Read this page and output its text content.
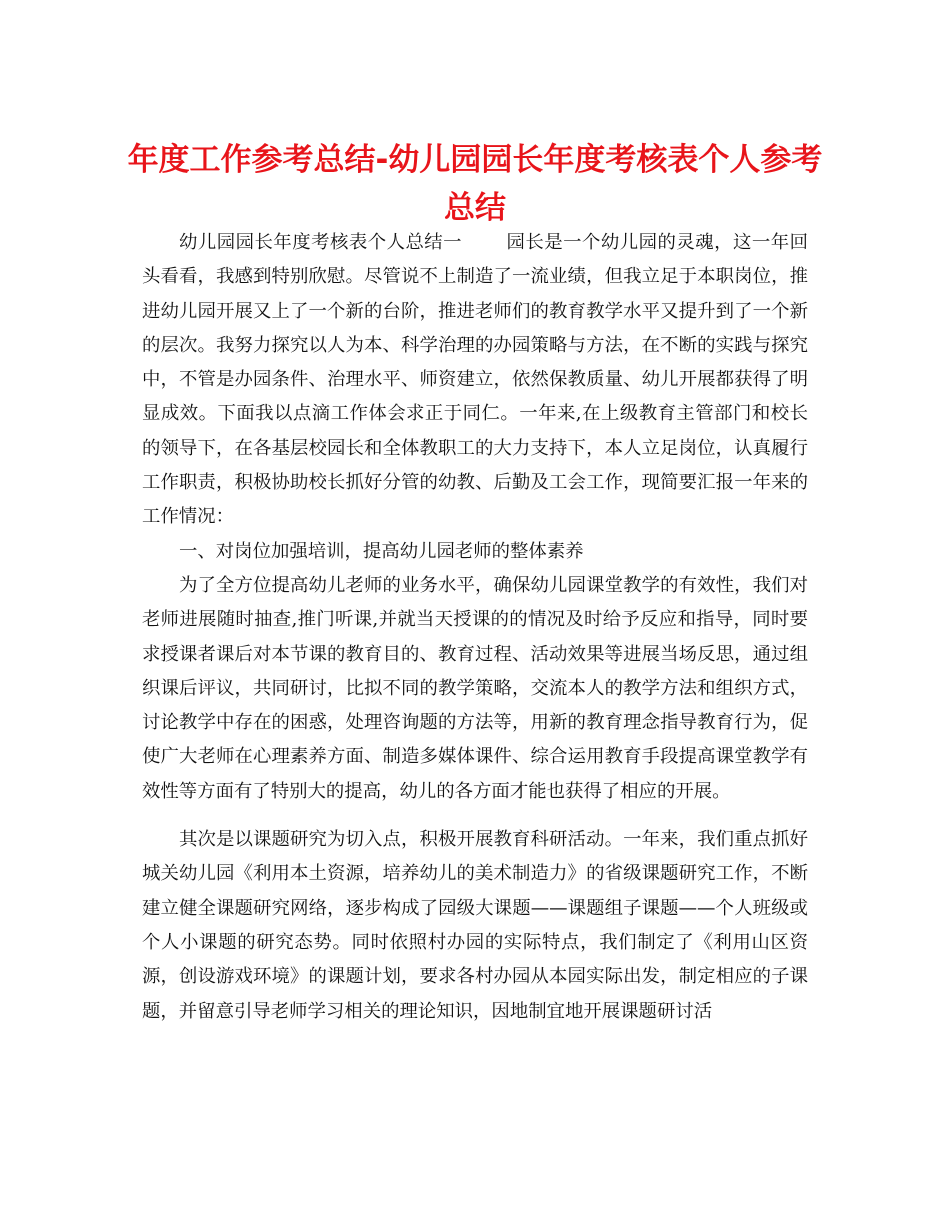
年度工作参考总结-幼儿园园长年度考核表个人参考总结

幼儿园园长年度考核表个人总结一 园长是一个幼儿园的灵魂，这一年回头看看，我感到特别欣慰。尽管说不上制造了一流业绩，但我立足于本职岗位，推进幼儿园开展又上了一个新的台阶，推进老师们的教育教学水平又提升到了一个新的层次。我努力探究以人为本、科学治理的办园策略与方法，在不断的实践与探究中，不管是办园条件、治理水平、师资建立，依然保教质量、幼儿开展都获得了明显成效。下面我以点滴工作体会求正于同仁。一年来,在上级教育主管部门和校长的领导下，在各基层校园长和全体教职工的大力支持下，本人立足岗位，认真履行工作职责，积极协助校长抓好分管的幼教、后勤及工会工作，现简要汇报一年来的工作情况：

一、对岗位加强培训，提高幼儿园老师的整体素养

为了全方位提高幼儿老师的业务水平，确保幼儿园课堂教学的有效性，我们对老师进展随时抽查,推门听课,并就当天授课的的情况及时给予反应和指导，同时要求授课者课后对本节课的教育目的、教育过程、活动效果等进展当场反思，通过组织课后评议，共同研讨，比拟不同的教学策略，交流本人的教学方法和组织方式，讨论教学中存在的困惑，处理咨询题的方法等，用新的教育理念指导教育行为，促使广大老师在心理素养方面、制造多媒体课件、综合运用教育手段提高课堂教学有效性等方面有了特别大的提高，幼儿的各方面才能也获得了相应的开展。

其次是以课题研究为切入点，积极开展教育科研活动。一年来，我们重点抓好城关幼儿园《利用本土资源，培养幼儿的美术制造力》的省级课题研究工作，不断建立健全课题研究网络，逐步构成了园级大课题——课题组子课题——个人班级或个人小课题的研究态势。同时依照村办园的实际特点，我们制定了《利用山区资源，创设游戏环境》的课题计划，要求各村办园从本园实际出发，制定相应的子课题，并留意引导老师学习相关的理论知识，因地制宜地开展课题研讨活
